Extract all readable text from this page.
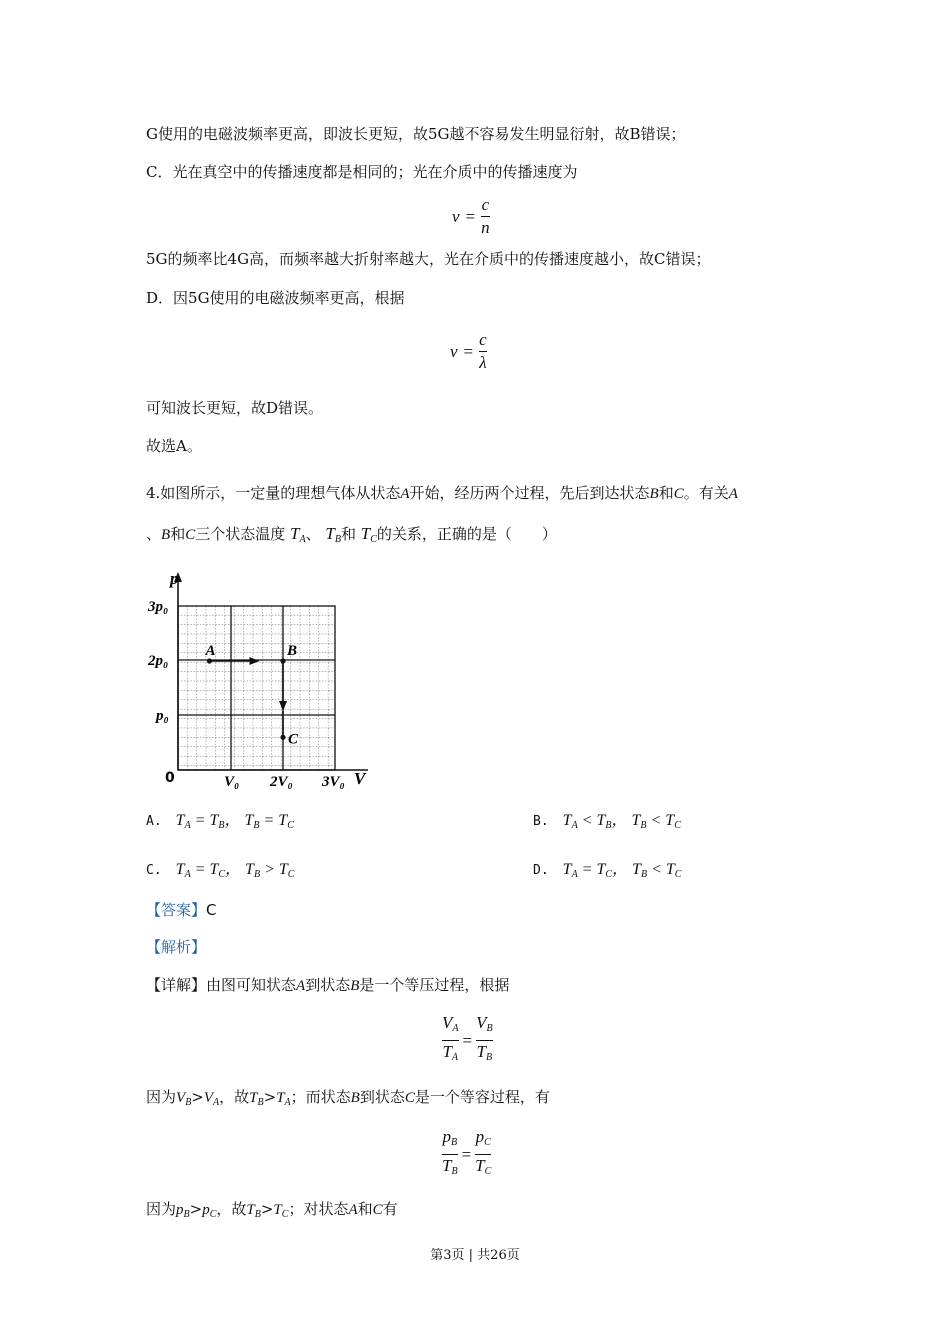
G使用的电磁波频率更高，即波长更短，故5G越不容易发生明显衍射，故B错误；
C．光在真空中的传播速度都是相同的；光在介质中的传播速度为
$v = \frac{c}{n}$
5G的频率比4G高，而频率越大折射率越大，光在介质中的传播速度越小，故C错误；
D．因5G使用的电磁波频率更高，根据
$\nu = \frac{c}{\lambda}$
可知波长更短，故D错误。
故选A。
4.如图所示，一定量的理想气体从状态A开始，经历两个过程，先后到达状态B和C。有关A
、B和C三个状态温度 $T_A$、 $T_B$和 $T_C$的关系，正确的是（　　）
A	B
C
p
V
0
3p₀
2p₀
p₀
V₀ 2V₀ 3V₀
A. $T_A = T_B$， $T_B = T_C$	B. $T_A < T_B$， $T_B < T_C$
C. $T_A = T_C$， $T_B > T_C$	D. $T_A = T_C$， $T_B < T_C$
【答案】C
【解析】
【详解】由图可知状态A到状态B是一个等压过程，根据
$\frac{V_A}{T_A} = \frac{V_B}{T_B}$
因为$V_B>V_A$，故$T_B>T_A$；而状态B到状态C是一个等容过程，有
$\frac{p_B}{T_B} = \frac{p_C}{T_C}$
因为$p_B>p_C$，故$T_B>T_C$；对状态A和C有
第3页 | 共26页
